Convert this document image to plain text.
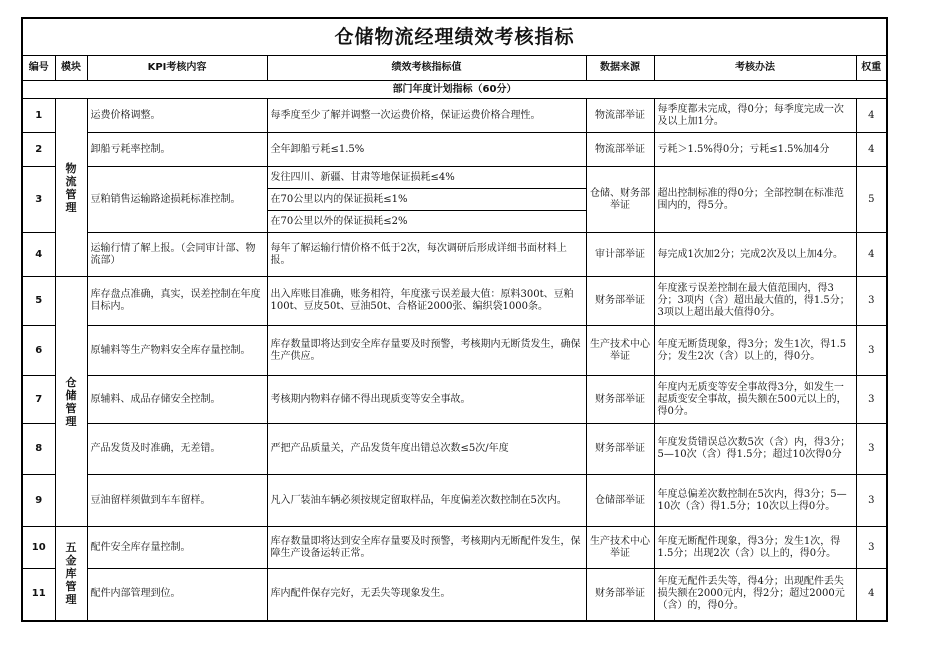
仓储物流经理绩效考核指标						
编号	模块	KPI考核内容	绩效考核指标值	数据来源	考核办法	权重
部门年度计划指标（60分）						
1	物流管理	运费价格调整。	每季度至少了解并调整一次运费价格，保证运费价格合理性。	物流部举证	每季度都未完成，得0分；每季度完成一次及以上加1分。	4
2		卸船亏耗率控制。	全年卸船亏耗≤1.5%	物流部举证	亏耗＞1.5%得0分；亏耗≤1.5%加4分	4
3		豆粕销售运输路途损耗标准控制。	发往四川、新疆、甘肃等地保证损耗≤4%	仓储、财务部举证	超出控制标准的得0分；全部控制在标准范围内的，得5分。	5
			在70公里以内的保证损耗≤1%			
			在70公里以外的保证损耗≤2%			
4		运输行情了解上报。（会同审计部、物流部）	每年了解运输行情价格不低于2次，每次调研后形成详细书面材料上报。	审计部举证	每完成1次加2分；完成2次及以上加4分。	4
5	仓储管理	库存盘点准确，真实，误差控制在年度目标内。	出入库账目准确，账务相符，年度涨亏误差最大值：原料300t、豆粕100t、豆皮50t、豆油50t、合格证2000张、编织袋1000条。	财务部举证	年度涨亏误差控制在最大值范围内，得3分；3项内（含）超出最大值的，得1.5分；3项以上超出最大值得0分。	3
6		原辅料等生产物料安全库存量控制。	库存数量即将达到安全库存量要及时预警，考核期内无断货发生，确保生产供应。	生产技术中心举证	年度无断货现象，得3分；发生1次，得1.5分；发生2次（含）以上的，得0分。	3
7		原辅料、成品存储安全控制。	考核期内物料存储不得出现质变等安全事故。	财务部举证	年度内无质变等安全事故得3分，如发生一起质变安全事故，损失额在500元以上的，得0分。	3
8		产品发货及时准确，无差错。	严把产品质量关，产品发货年度出错总次数≤5次/年度	财务部举证	年度发货错误总次数5次（含）内，得3分；5—10次（含）得1.5分；超过10次得0分	3
9		豆油留样须做到车车留样。	凡入厂装油车辆必须按规定留取样品，年度偏差次数控制在5次内。	仓储部举证	年度总偏差次数控制在5次内，得3分；5—10次（含）得1.5分；10次以上得0分。	3
10	五金库管理	配件安全库存量控制。	库存数量即将达到安全库存量要及时预警，考核期内无断配件发生，保障生产设备运转正常。	生产技术中心举证	年度无断配件现象，得3分；发生1次，得1.5分；出现2次（含）以上的，得0分。	3
11		配件内部管理到位。	库内配件保存完好，无丢失等现象发生。	财务部举证	年度无配件丢失等，得4分；出现配件丢失损失额在2000元内，得2分；超过2000元（含）的，得0分。	4
